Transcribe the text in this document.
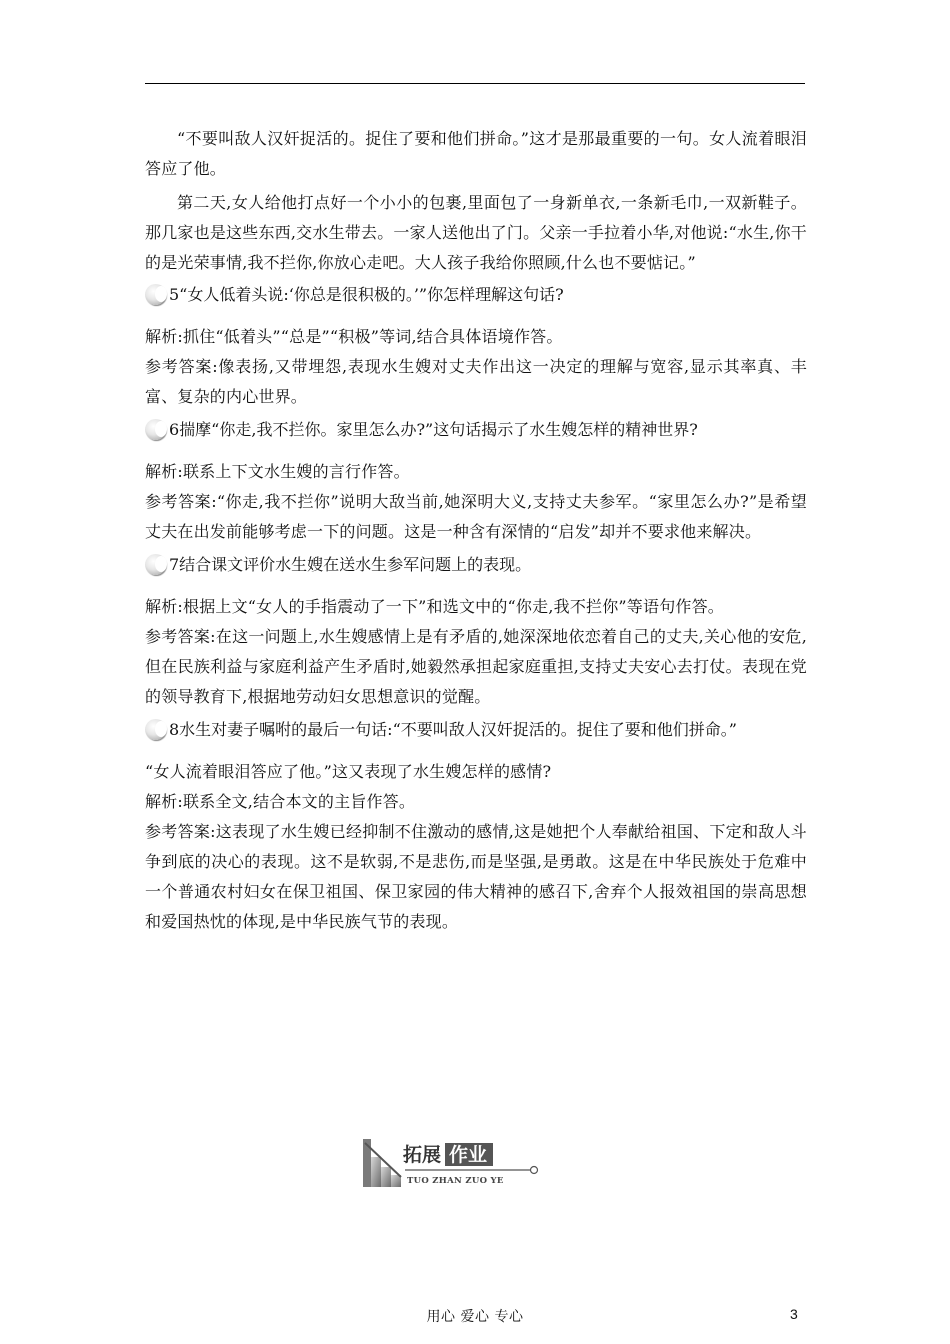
“不要叫敌人汉奸捉活的。捉住了要和他们拼命。”这才是那最重要的一句。女人流着眼泪答应了他。

第二天,女人给他打点好一个小小的包裹,里面包了一身新单衣,一条新毛巾,一双新鞋子。那几家也是这些东西,交水生带去。一家人送他出了门。父亲一手拉着小华,对他说:“水生,你干的是光荣事情,我不拦你,你放心走吧。大人孩子我给你照顾,什么也不要惦记。”

5“女人低着头说:‘你总是很积极的。’”你怎样理解这句话?

解析:抓住“低着头”“总是”“积极”等词,结合具体语境作答。

参考答案:像表扬,又带埋怨,表现水生嫂对丈夫作出这一决定的理解与宽容,显示其率真、丰富、复杂的内心世界。

6揣摩“你走,我不拦你。家里怎么办?”这句话揭示了水生嫂怎样的精神世界?

解析:联系上下文水生嫂的言行作答。

参考答案:“你走,我不拦你”说明大敌当前,她深明大义,支持丈夫参军。“家里怎么办?”是希望丈夫在出发前能够考虑一下的问题。这是一种含有深情的“启发”却并不要求他来解决。

7结合课文评价水生嫂在送水生参军问题上的表现。

解析:根据上文“女人的手指震动了一下”和选文中的“你走,我不拦你”等语句作答。

参考答案:在这一问题上,水生嫂感情上是有矛盾的,她深深地依恋着自己的丈夫,关心他的安危,但在民族利益与家庭利益产生矛盾时,她毅然承担起家庭重担,支持丈夫安心去打仗。表现在党的领导教育下,根据地劳动妇女思想意识的觉醒。

8水生对妻子嘱咐的最后一句话:“不要叫敌人汉奸捉活的。捉住了要和他们拼命。”

“女人流着眼泪答应了他。”这又表现了水生嫂怎样的感情?

解析:联系全文,结合本文的主旨作答。

参考答案:这表现了水生嫂已经抑制不住激动的感情,这是她把个人奉献给祖国、下定和敌人斗争到底的决心的表现。这不是软弱,不是悲伤,而是坚强,是勇敢。这是在中华民族处于危难中一个普通农村妇女在保卫祖国、保卫家园的伟大精神的感召下,舍弃个人报效祖国的崇高思想和爱国热忱的体现,是中华民族气节的表现。

拓展 作业
TUO ZHAN ZUO YE
用心 爱心 专心	3
